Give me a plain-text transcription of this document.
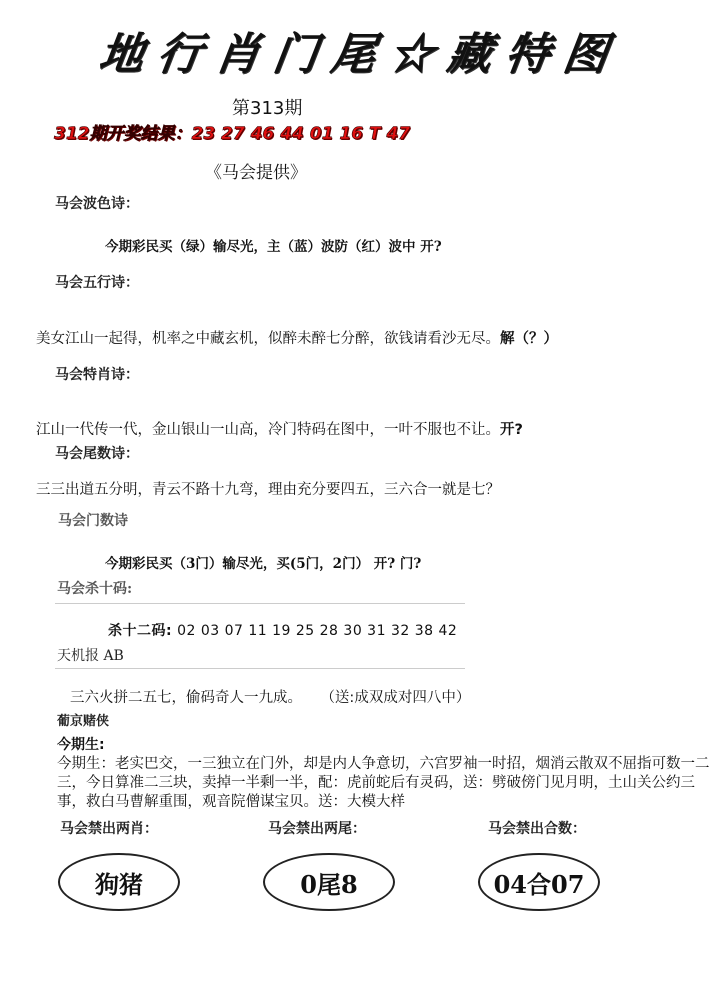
地行肖门尾☆藏特图
第313期
312期开奖结果：23 27 46 44 01 16 T 47
《马会提供》
马会波色诗：
今期彩民买（绿）输尽光，主（蓝）波防（红）波中 开?
马会五行诗：
美女江山一起得，机率之中藏玄机，似醉未醉七分醉，欲钱请看沙无尽。解（？）
马会特肖诗：
江山一代传一代，金山银山一山高，冷门特码在图中，一叶不服也不让。开?
马会尾数诗：
三三出道五分明，青云不路十九弯，理由充分要四五，三六合一就是七？
马会门数诗
今期彩民买（3门）输尽光，买(5门，2门） 开? 门?
马会杀十码:
杀十二码: 02 03 07 11 19 25 28 30 31 32 38 42
天机报 AB
三六火拼二五七，偷码奇人一九成。 （送:成双成对四八中）
葡京赌侠
今期生:
今期生：老实巴交，一三独立在门外，却是内人争意切，六宫罗袖一时招，烟消云散双不屈指可数一二三，今日算准二三块，卖掉一半剩一半，配：虎前蛇后有灵码，送：劈破傍门见月明，土山关公约三事，救白马曹解重围，观音院僧谋宝贝。送：大模大样
马会禁出两肖：	马会禁出两尾：	马会禁出合数：
狗猪	0尾8	04合07
